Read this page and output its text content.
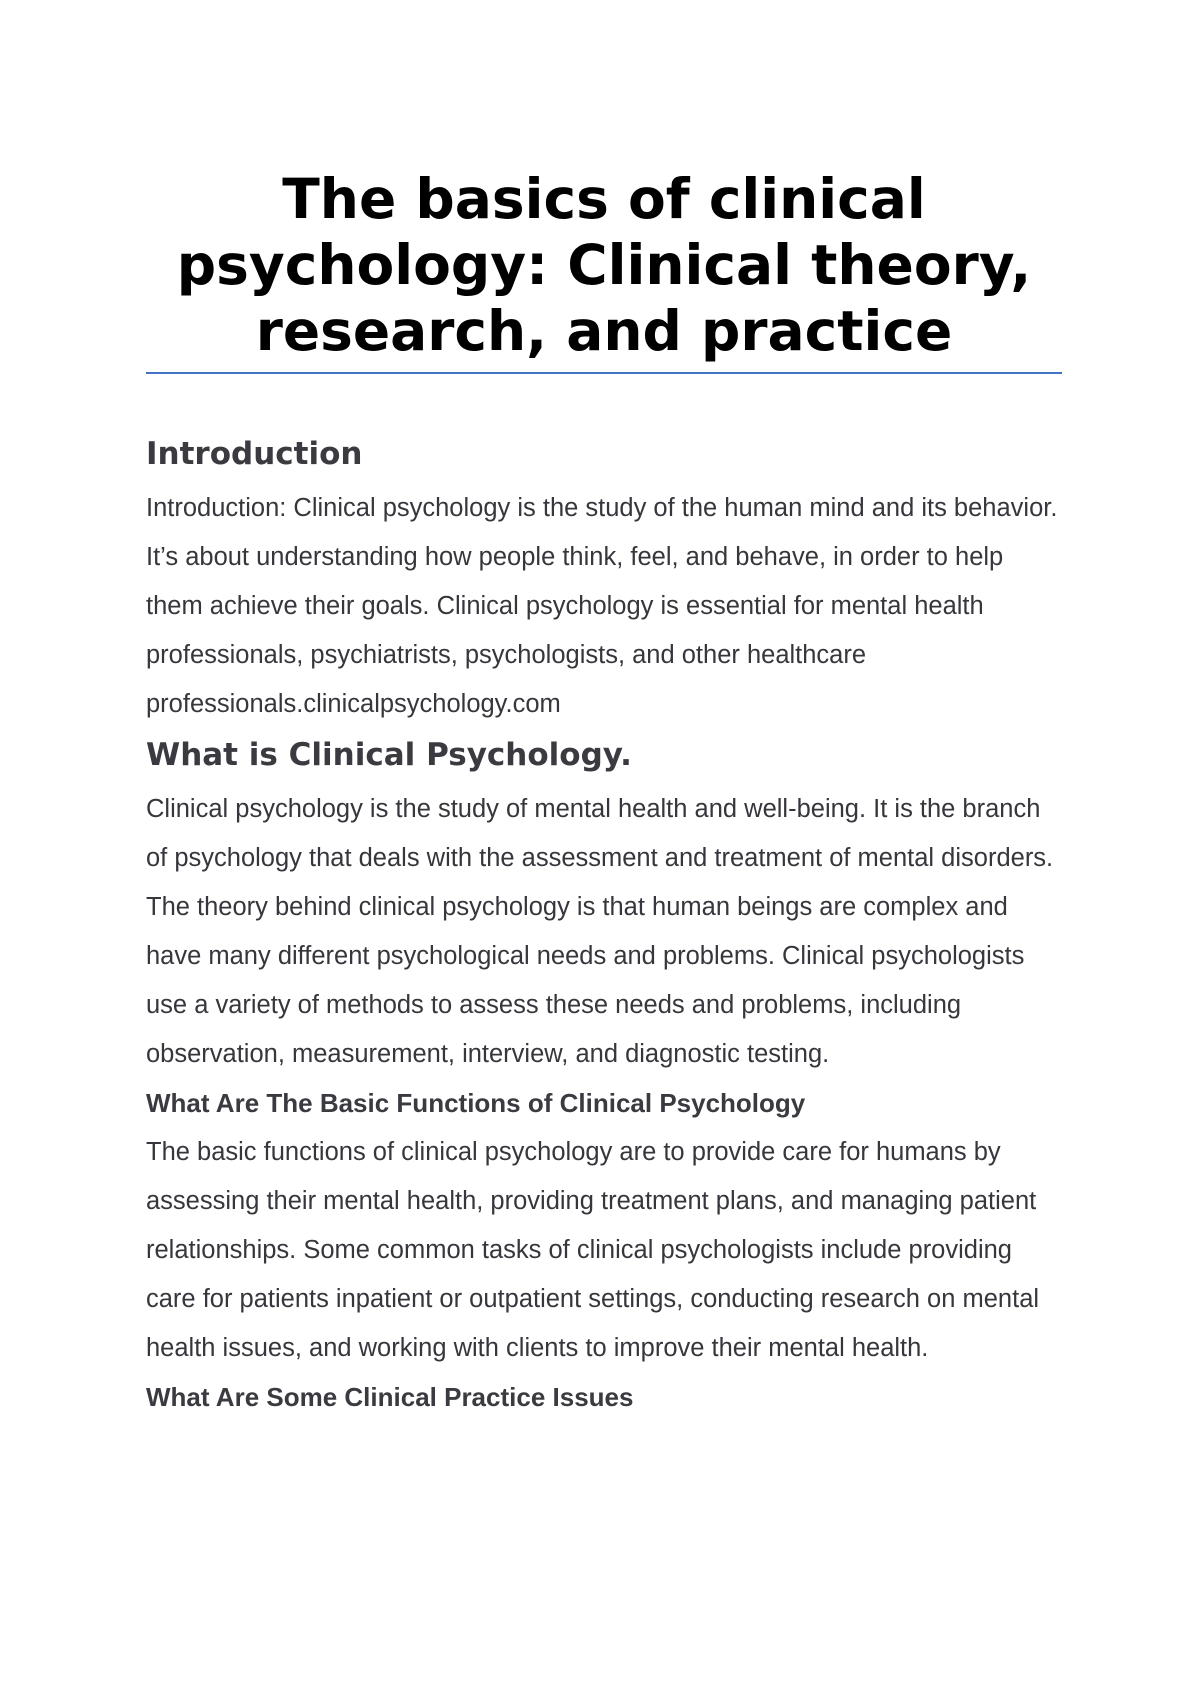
The basics of clinical
psychology: Clinical theory,
research, and practice
Introduction

Introduction: Clinical psychology is the study of the human mind and its behavior. It’s about understanding how people think, feel, and behave, in order to help them achieve their goals. Clinical psychology is essential for mental health professionals, psychiatrists, psychologists, and other healthcare professionals.clinicalpsychology.com

What is Clinical Psychology.

Clinical psychology is the study of mental health and well-being. It is the branch of psychology that deals with the assessment and treatment of mental disorders. The theory behind clinical psychology is that human beings are complex and have many different psychological needs and problems. Clinical psychologists use a variety of methods to assess these needs and problems, including observation, measurement, interview, and diagnostic testing.

What Are The Basic Functions of Clinical Psychology

The basic functions of clinical psychology are to provide care for humans by assessing their mental health, providing treatment plans, and managing patient relationships. Some common tasks of clinical psychologists include providing care for patients inpatient or outpatient settings, conducting research on mental health issues, and working with clients to improve their mental health.

What Are Some Clinical Practice Issues
